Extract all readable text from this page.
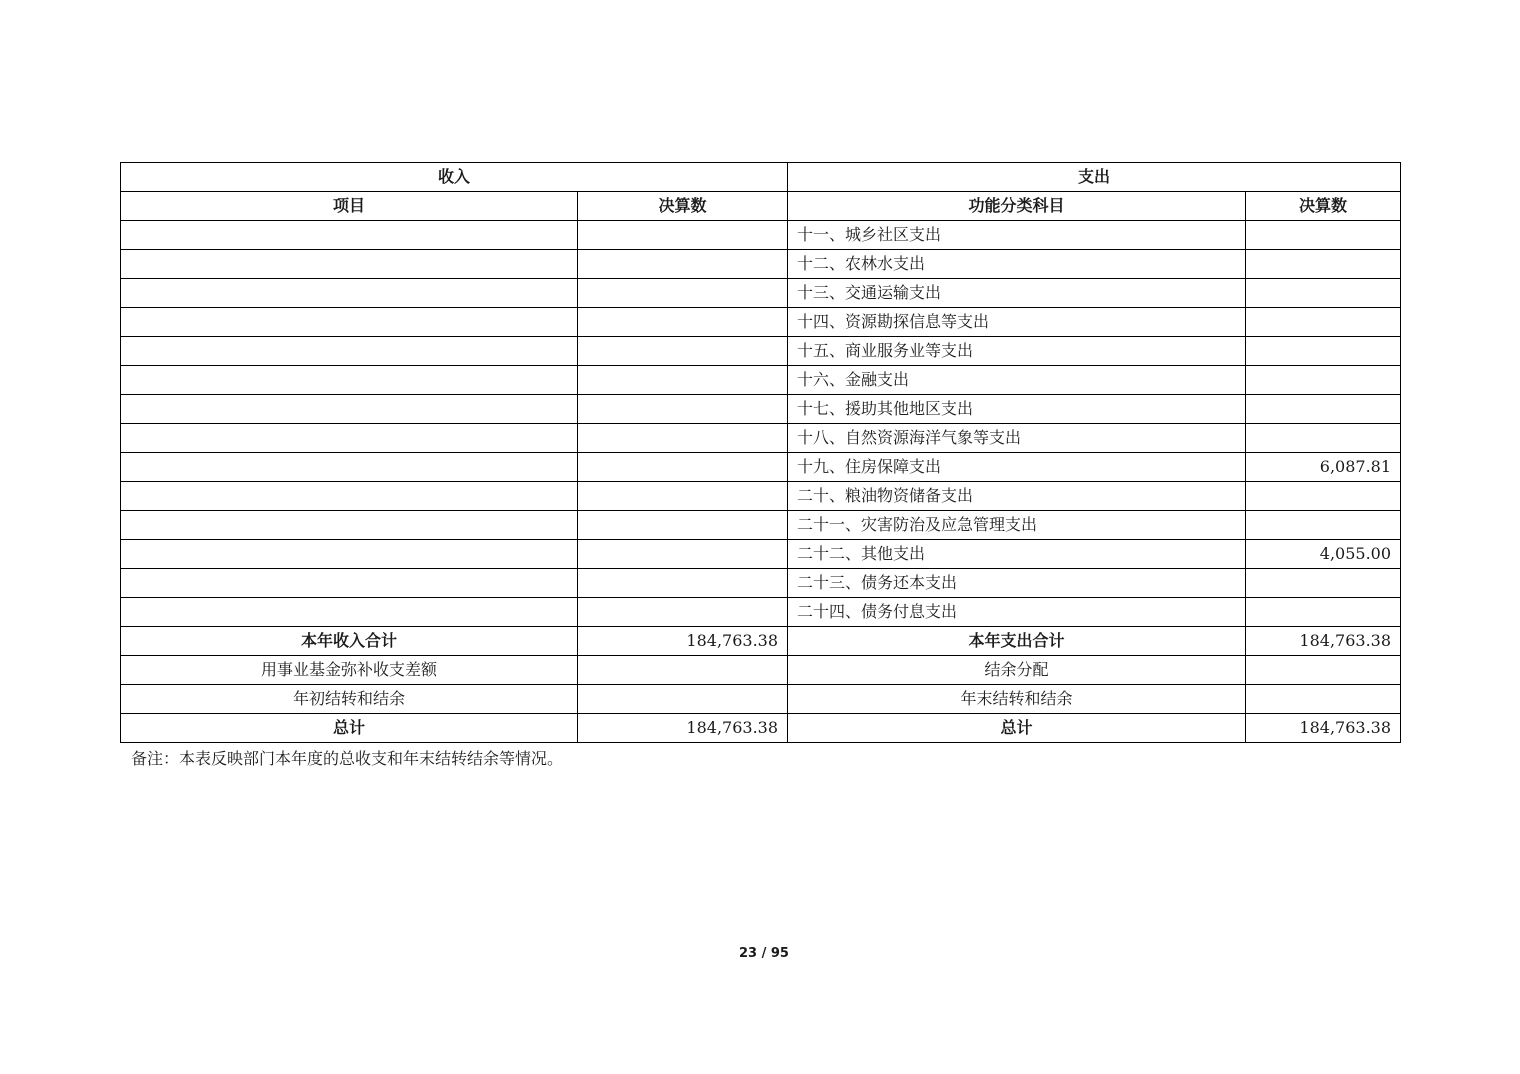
收入		支出	
项目	决算数	功能分类科目	决算数
		十一、城乡社区支出	
		十二、农林水支出	
		十三、交通运输支出	
		十四、资源勘探信息等支出	
		十五、商业服务业等支出	
		十六、金融支出	
		十七、援助其他地区支出	
		十八、自然资源海洋气象等支出	
		十九、住房保障支出	6,087.81
		二十、粮油物资储备支出	
		二十一、灾害防治及应急管理支出	
		二十二、其他支出	4,055.00
		二十三、债务还本支出	
		二十四、债务付息支出	
本年收入合计	184,763.38	本年支出合计	184,763.38
用事业基金弥补收支差额		结余分配	
年初结转和结余		年末结转和结余	
总计	184,763.38	总计	184,763.38
备注：本表反映部门本年度的总收支和年末结转结余等情况。
23 / 95
